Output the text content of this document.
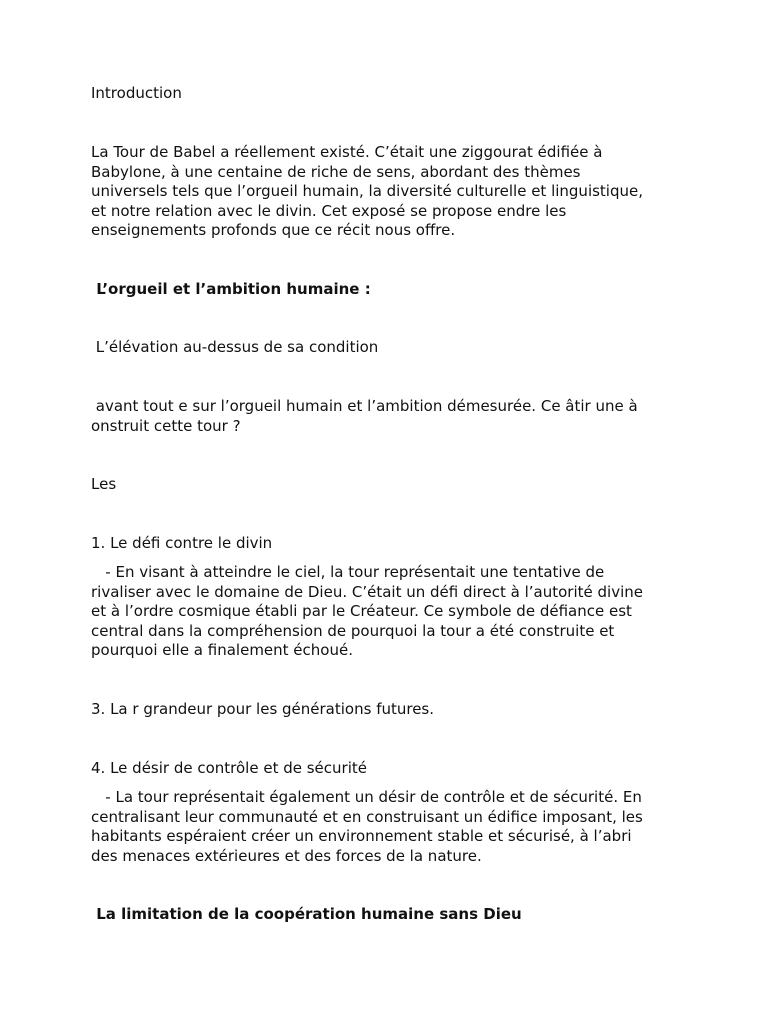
Introduction

La Tour de Babel a réellement existé. C’était une ziggourat édifiée à
Babylone, à une centaine de riche de sens, abordant des thèmes
universels tels que l’orgueil humain, la diversité culturelle et linguistique,
et notre relation avec le divin. Cet exposé se propose endre les
enseignements profonds que ce récit nous offre.

L’orgueil et l’ambition humaine :

L’élévation au-dessus de sa condition

avant tout e sur l’orgueil humain et l’ambition démesurée. Ce âtir une à
onstruit cette tour ?

Les

1. Le défi contre le divin

- En visant à atteindre le ciel, la tour représentait une tentative de
rivaliser avec le domaine de Dieu. C’était un défi direct à l’autorité divine
et à l’ordre cosmique établi par le Créateur. Ce symbole de défiance est
central dans la compréhension de pourquoi la tour a été construite et
pourquoi elle a finalement échoué.

3. La r grandeur pour les générations futures.

4. Le désir de contrôle et de sécurité

- La tour représentait également un désir de contrôle et de sécurité. En
centralisant leur communauté et en construisant un édifice imposant, les
habitants espéraient créer un environnement stable et sécurisé, à l’abri
des menaces extérieures et des forces de la nature.

La limitation de la coopération humaine sans Dieu
